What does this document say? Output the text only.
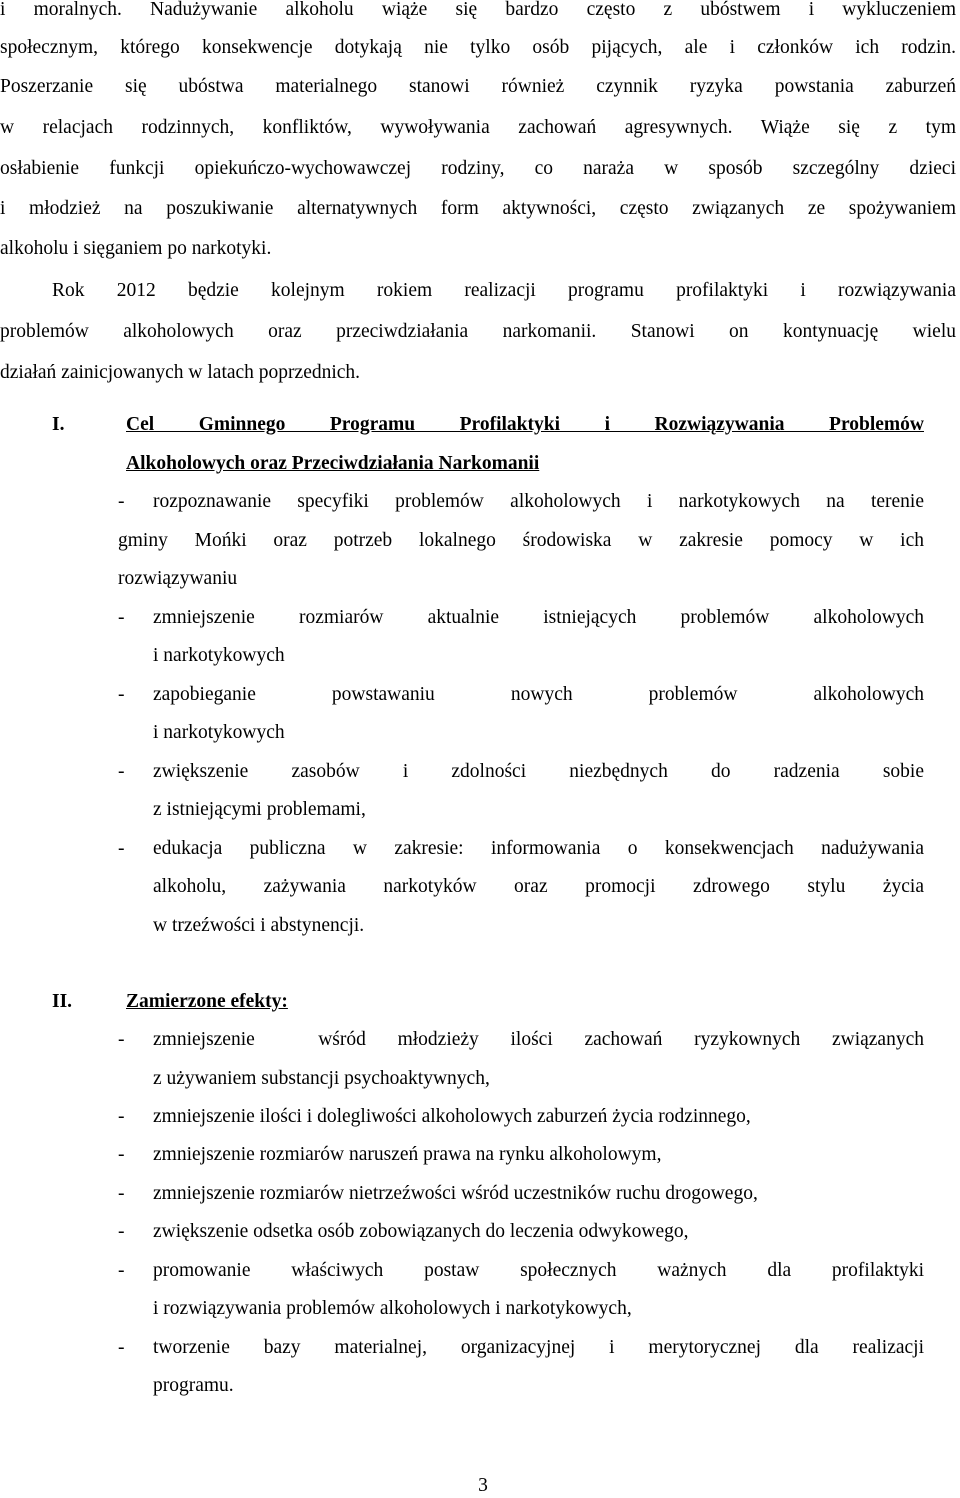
i moralnych. Nadużywanie alkoholu wiąże się bardzo często z ubóstwem i wykluczeniem
społecznym, którego konsekwencje dotykają nie tylko osób pijących, ale i członków ich rodzin.
Poszerzanie się ubóstwa materialnego stanowi również czynnik ryzyka powstania zaburzeń
w relacjach rodzinnych, konfliktów, wywoływania zachowań agresywnych. Wiąże się z tym
osłabienie funkcji opiekuńczo-wychowawczej rodziny, co naraża w sposób szczególny dzieci
i młodzież na poszukiwanie alternatywnych form aktywności, często związanych ze spożywaniem
alkoholu i sięganiem po narkotyki.
Rok 2012 będzie kolejnym rokiem realizacji programu profilaktyki i rozwiązywania
problemów alkoholowych oraz przeciwdziałania narkomanii. Stanowi on kontynuację wielu
działań zainicjowanych w latach poprzednich.
I.	Cel Gminnego Programu Profilaktyki i Rozwiązywania Problemów
Alkoholowych oraz Przeciwdziałania Narkomanii
- rozpoznawanie specyfiki problemów alkoholowych i narkotykowych na terenie
gminy Mońki oraz potrzeb lokalnego środowiska w zakresie pomocy w ich
rozwiązywaniu
- zmniejszenie rozmiarów aktualnie istniejących problemów alkoholowych
i narkotykowych
- zapobieganie powstawaniu nowych problemów alkoholowych
i narkotykowych
- zwiększenie zasobów i zdolności niezbędnych do radzenia sobie
z istniejącymi problemami,
- edukacja publiczna w zakresie: informowania o konsekwencjach nadużywania
alkoholu, zażywania narkotyków oraz promocji zdrowego stylu życia
w trzeźwości i abstynencji.
II.	Zamierzone efekty:
- zmniejszenie  wśród młodzieży ilości zachowań ryzykownych związanych
z używaniem substancji psychoaktywnych,
- zmniejszenie ilości i dolegliwości alkoholowych zaburzeń życia rodzinnego,
- zmniejszenie rozmiarów naruszeń prawa na rynku alkoholowym,
- zmniejszenie rozmiarów nietrzeźwości wśród uczestników ruchu drogowego,
- zwiększenie odsetka osób zobowiązanych do leczenia odwykowego,
- promowanie właściwych postaw społecznych ważnych dla profilaktyki
i rozwiązywania problemów alkoholowych i narkotykowych,
- tworzenie bazy materialnej, organizacyjnej i merytorycznej dla realizacji
programu.
3
